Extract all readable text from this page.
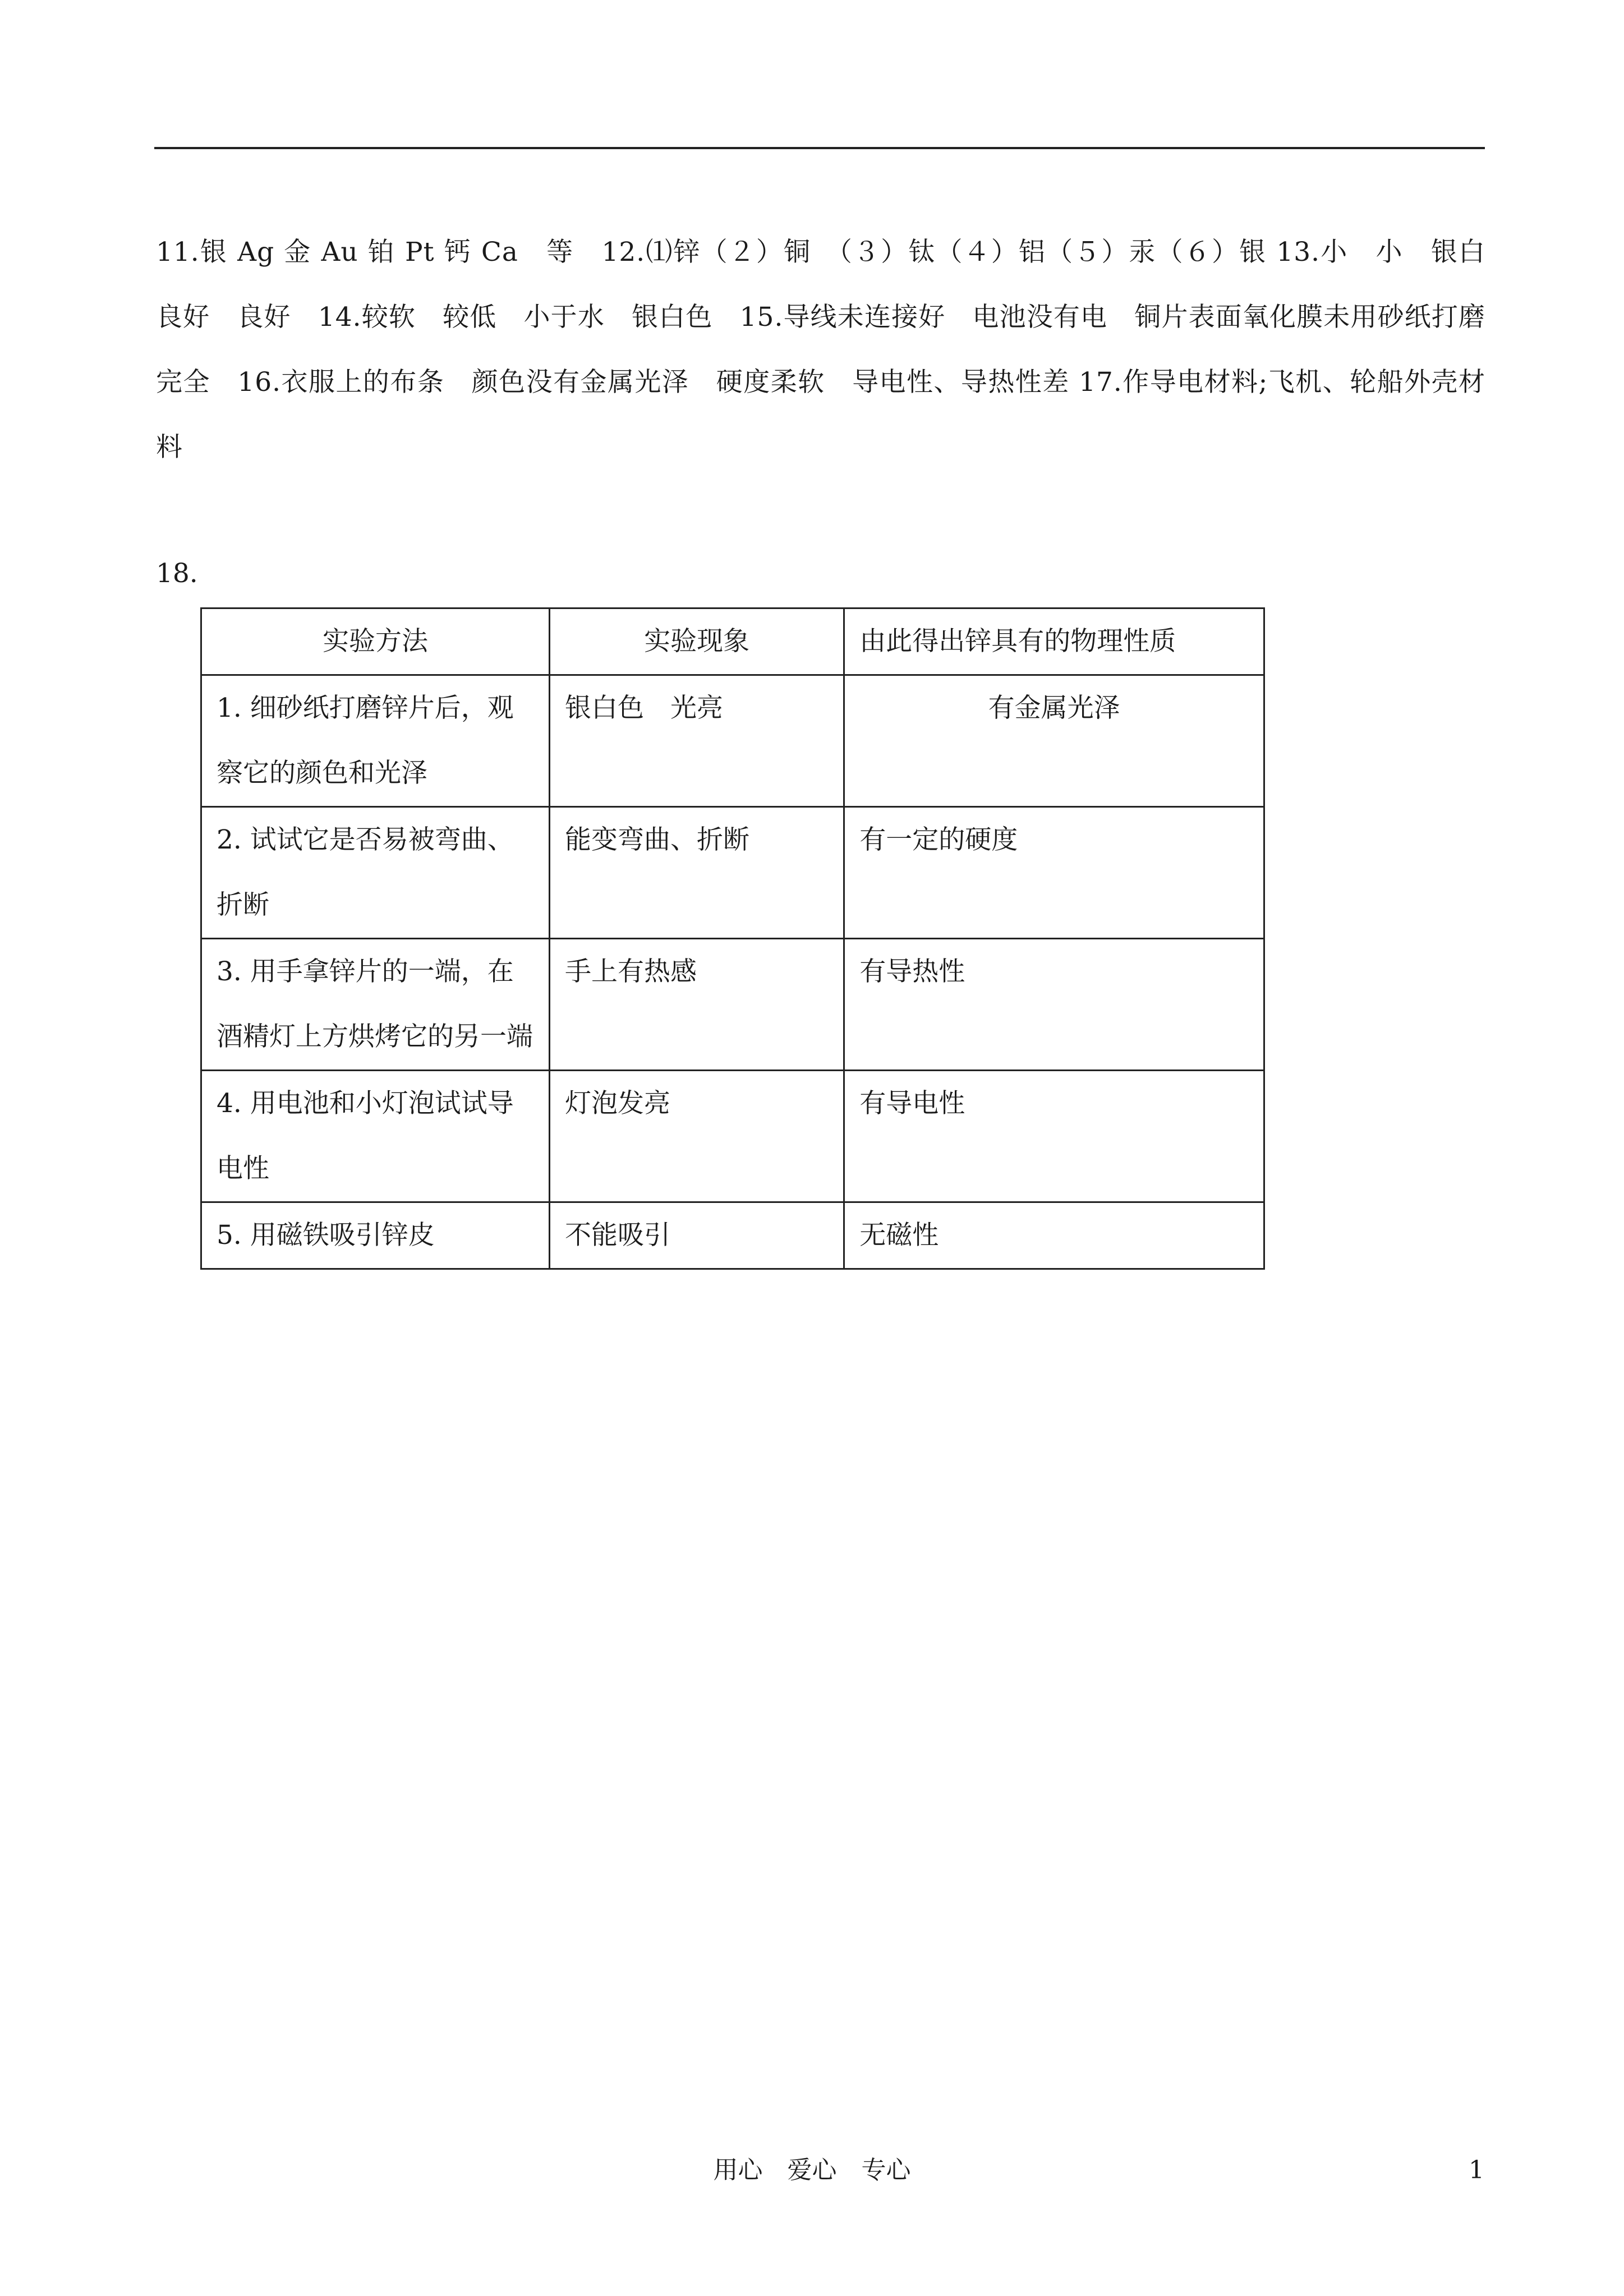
11.银 Ag 金 Au 铂 Pt 钙 Ca　等　12.⑴锌（２）铜　（３）钛（４）铝（５）汞（６）银 13.小　小　银白　良好　良好　14.较软　较低　小于水　银白色　15.导线未连接好　电池没有电　铜片表面氧化膜未用砂纸打磨完全　16.衣服上的布条　颜色没有金属光泽　硬度柔软　导电性、导热性差 17.作导电材料;飞机、轮船外壳材料
18.
实验方法	实验现象	由此得出锌具有的物理性质
1. 细砂纸打磨锌片后，观察它的颜色和光泽	银白色　光亮	有金属光泽
2. 试试它是否易被弯曲、折断	能变弯曲、折断	有一定的硬度
3. 用手拿锌片的一端，在酒精灯上方烘烤它的另一端	手上有热感	有导热性
4. 用电池和小灯泡试试导电性	灯泡发亮	有导电性
5. 用磁铁吸引锌皮	不能吸引	无磁性
用心　爱心　专心	1
